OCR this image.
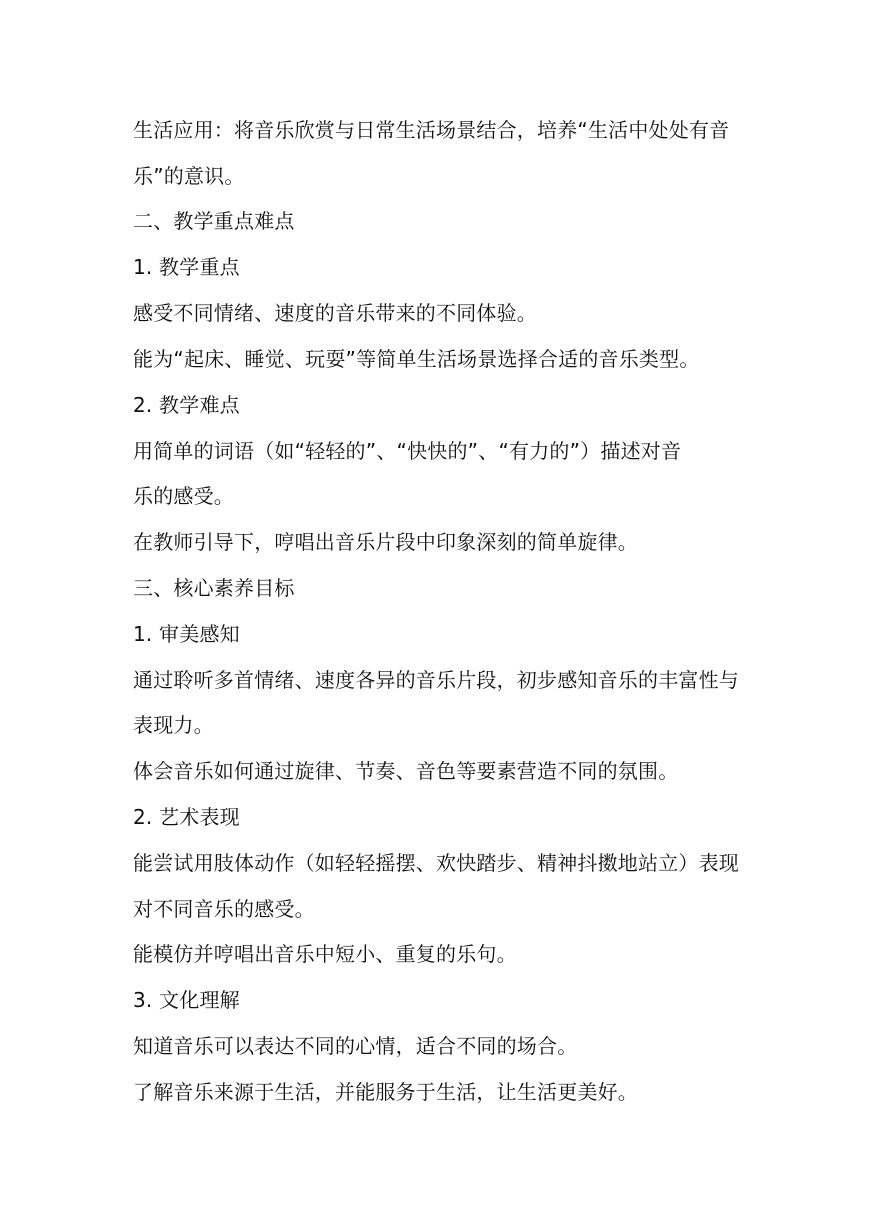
生活应用：将音乐欣赏与日常生活场景结合，培养“生活中处处有音
乐”的意识。
二、教学重点难点
1. 教学重点
感受不同情绪、速度的音乐带来的不同体验。
能为“起床、睡觉、玩耍”等简单生活场景选择合适的音乐类型。
2. 教学难点
用简单的词语（如“轻轻的”、“快快的”、“有力的”）描述对音
乐的感受。
在教师引导下，哼唱出音乐片段中印象深刻的简单旋律。
三、核心素养目标
1. 审美感知
通过聆听多首情绪、速度各异的音乐片段，初步感知音乐的丰富性与
表现力。
体会音乐如何通过旋律、节奏、音色等要素营造不同的氛围。
2. 艺术表现
能尝试用肢体动作（如轻轻摇摆、欢快踏步、精神抖擞地站立）表现
对不同音乐的感受。
能模仿并哼唱出音乐中短小、重复的乐句。
3. 文化理解
知道音乐可以表达不同的心情，适合不同的场合。
了解音乐来源于生活，并能服务于生活，让生活更美好。
